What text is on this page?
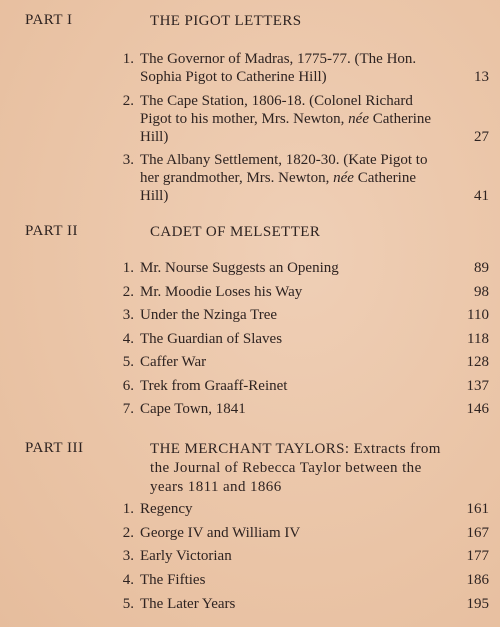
PART I	THE PIGOT LETTERS
1. The Governor of Madras, 1775-77. (The Hon.
Sophia Pigot to Catherine Hill)	13
2. The Cape Station, 1806-18. (Colonel Richard
Pigot to his mother, Mrs. Newton, née Catherine
Hill)	27
3. The Albany Settlement, 1820-30. (Kate Pigot to
her grandmother, Mrs. Newton, née Catherine
Hill)	41
PART II	CADET OF MELSETTER
1. Mr. Nourse Suggests an Opening	89
2. Mr. Moodie Loses his Way	98
3. Under the Nzinga Tree	110
4. The Guardian of Slaves	118
5. Caffer War	128
6. Trek from Graaff-Reinet	137
7. Cape Town, 1841	146
PART III	THE MERCHANT TAYLORS: Extracts from
the Journal of Rebecca Taylor between the
years 1811 and 1866
1. Regency	161
2. George IV and William IV	167
3. Early Victorian	177
4. The Fifties	186
5. The Later Years	195
